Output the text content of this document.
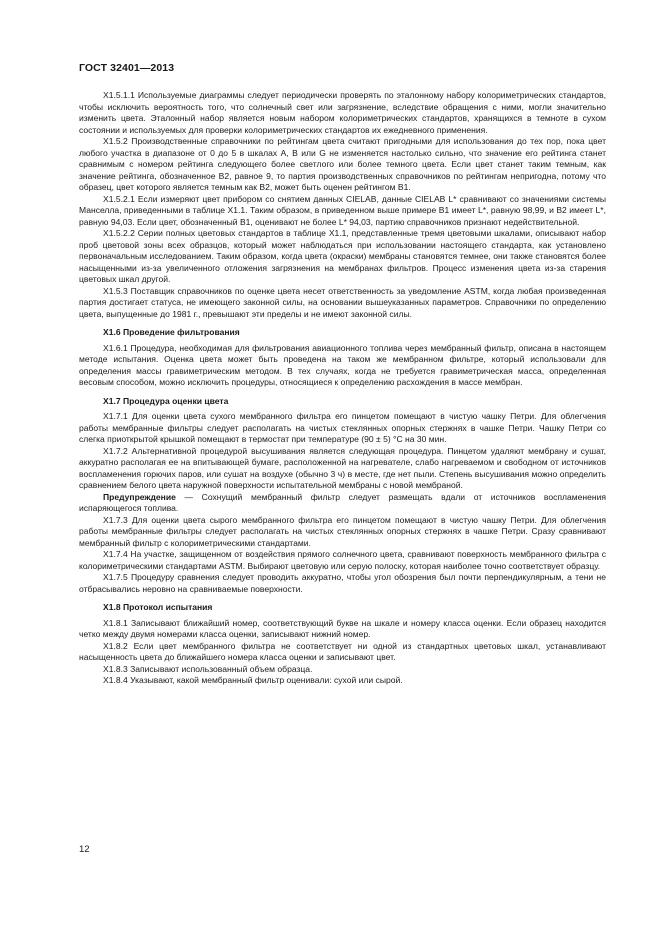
ГОСТ 32401—2013

Х1.5.1.1 Используемые диаграммы следует периодически проверять по эталонному набору колориметрических стандартов, чтобы исключить вероятность того, что солнечный свет или загрязнение, вследствие обращения с ними, могли значительно изменить цвета. Эталонный набор является новым набором колориметрических стандартов, хранящихся в темноте в сухом состоянии и используемых для проверки колориметрических стандартов их ежедневного применения.

Х1.5.2 Производственные справочники по рейтингам цвета считают пригодными для использования до тех пор, пока цвет любого участка в диапазоне от 0 до 5 в шкалах А, В или G не изменяется настолько сильно, что значение его рейтинга станет сравнимым с номером рейтинга следующего более светлого или более темного цвета. Если цвет станет таким темным, как значение рейтинга, обозначенное В2, равное 9, то партия производственных справочников по рейтингам непригодна, потому что образец, цвет которого является темным как В2, может быть оценен рейтингом В1.

Х1.5.2.1 Если измеряют цвет прибором со снятием данных CIELAB, данные CIELAB L* сравнивают со значениями системы Манселла, приведенными в таблице Х1.1. Таким образом, в приведенном выше примере В1 имеет L*, равную 98,99, и В2 имеет L*, равную 94,03. Если цвет, обозначенный В1, оценивают не более L* 94,03, партию справочников признают недействительной.

Х1.5.2.2 Серии полных цветовых стандартов в таблице Х1.1, представленные тремя цветовыми шкалами, описывают набор проб цветовой зоны всех образцов, который может наблюдаться при использовании настоящего стандарта, как установлено первоначальным исследованием. Таким образом, когда цвета (окраски) мембраны становятся темнее, они также становятся более насыщенными из-за увеличенного отложения загрязнения на мембранах фильтров. Процесс изменения цвета из-за старения цветовых шкал другой.

Х1.5.3 Поставщик справочников по оценке цвета несет ответственность за уведомление ASTM, когда любая произведенная партия достигает статуса, не имеющего законной силы, на основании вышеуказанных параметров. Справочники по определению цвета, выпущенные до 1981 г., превышают эти пределы и не имеют законной силы.

Х1.6 Проведение фильтрования

Х1.6.1 Процедура, необходимая для фильтрования авиационного топлива через мембранный фильтр, описана в настоящем методе испытания. Оценка цвета может быть проведена на таком же мембранном фильтре, который использовали для определения массы гравиметрическим методом. В тех случаях, когда не требуется гравиметрическая масса, определенная весовым способом, можно исключить процедуры, относящиеся к определению расхождения в массе мембран.

Х1.7 Процедура оценки цвета

Х1.7.1 Для оценки цвета сухого мембранного фильтра его пинцетом помещают в чистую чашку Петри. Для облегчения работы мембранные фильтры следует располагать на чистых стеклянных опорных стержнях в чашке Петри. Чашку Петри со слегка приоткрытой крышкой помещают в термостат при температуре (90 ± 5) °С на 30 мин.

Х1.7.2 Альтернативной процедурой высушивания является следующая процедура. Пинцетом удаляют мембрану и сушат, аккуратно располагая ее на впитывающей бумаге, расположенной на нагревателе, слабо нагреваемом и свободном от источников воспламенения горючих паров, или сушат на воздухе (обычно 3 ч) в месте, где нет пыли. Степень высушивания можно определить сравнением белого цвета наружной поверхности испытательной мембраны с новой мембраной.

Предупреждение — Сохнущий мембранный фильтр следует размещать вдали от источников воспламенения испаряющегося топлива.

Х1.7.3 Для оценки цвета сырого мембранного фильтра его пинцетом помещают в чистую чашку Петри. Для облегчения работы мембранные фильтры следует располагать на чистых стеклянных опорных стержнях в чашке Петри. Сразу сравнивают мембранный фильтр с колориметрическими стандартами.

Х1.7.4 На участке, защищенном от воздействия прямого солнечного цвета, сравнивают поверхность мембранного фильтра с колориметрическими стандартами ASTM. Выбирают цветовую или серую полоску, которая наиболее точно соответствует образцу.

Х1.7.5 Процедуру сравнения следует проводить аккуратно, чтобы угол обозрения был почти перпендикулярным, а тени не отбрасывались неровно на сравниваемые поверхности.

Х1.8 Протокол испытания

Х1.8.1 Записывают ближайший номер, соответствующий букве на шкале и номеру класса оценки. Если образец находится четко между двумя номерами класса оценки, записывают нижний номер.

Х1.8.2 Если цвет мембранного фильтра не соответствует ни одной из стандартных цветовых шкал, устанавливают насыщенность цвета до ближайшего номера класса оценки и записывают цвет.

Х1.8.3 Записывают использованный объем образца.

Х1.8.4 Указывают, какой мембранный фильтр оценивали: сухой или сырой.

12
